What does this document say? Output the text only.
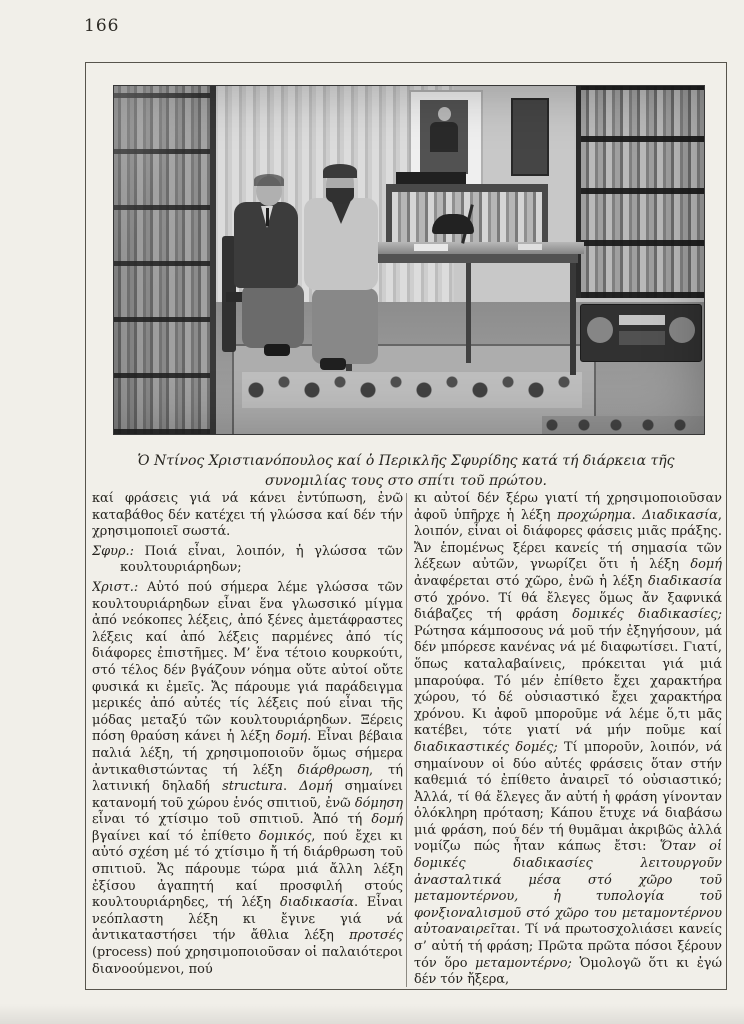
166
Ὁ Ντίνος Χριστιανόπουλος καί ὁ Περικλῆς Σφυρίδης κατά τή διάρκεια τῆς συνομιλίας τους στο σπίτι τοῦ πρώτου.

καί φράσεις γιά νά κάνει ἐντύπωση, ἐνῶ καταβάθος δέν κατέχει τή γλώσσα καί δέν τήν χρησιμοποιεῖ σωστά.

Σφυρ.: Ποιά εἶναι, λοιπόν, ἡ γλώσσα τῶν κουλτουριάρηδων;

Χριστ.: Αὐτό πού σήμερα λέμε γλώσσα τῶν κουλτουριάρηδων εἶναι ἕνα γλωσσικό μίγμα ἀπό νεόκοπες λέξεις, ἀπό ξένες ἀμετάφραστες λέξεις καί ἀπό λέξεις παρμένες ἀπό τίς διάφορες ἐπιστῆμες. Μ’ ἕνα τέτοιο κουρκούτι, στό τέλος δέν βγάζουν νόημα οὔτε αὐτοί οὔτε φυσικά κι ἐμεῖς. Ἄς πάρουμε γιά παράδειγμα μερικές ἀπό αὐτές τίς λέξεις πού εἶναι τῆς μόδας μεταξύ τῶν κουλτουριάρηδων. Ξέρεις πόση θραύση κάνει ἡ λέξη δομή. Εἶναι βέβαια παλιά λέξη, τή χρησιμοποιοῦν ὅμως σήμερα ἀντικαθιστώντας τή λέξη διάρθρωση, τή λατινική δηλαδή structura. Δομή σημαίνει κατανομή τοῦ χώρου ἑνός σπιτιοῦ, ἐνῶ δόμηση εἶναι τό χτίσιμο τοῦ σπιτιοῦ. Ἀπό τή δομή βγαίνει καί τό ἐπίθετο δομικός, πού ἔχει κι αὐτό σχέση μέ τό χτίσιμο ἤ τή διάρθρωση τοῦ σπιτιοῦ. Ἄς πάρουμε τώρα μιά ἄλλη λέξη ἐξίσου ἀγαπητή καί προσφιλή στούς κουλτουριάρηδες, τή λέξη διαδικασία. Εἶναι νεόπλαστη λέξη κι ἔγινε γιά νά ἀντικαταστήσει τήν ἄθλια λέξη προτσές (process) πού χρησιμοποιοῦσαν οἱ παλαιότεροι διανοούμενοι, πού

κι αὐτοί δέν ξέρω γιατί τή χρησιμοποιοῦσαν ἀφοῦ ὑπῆρχε ἡ λέξη προχώρημα. Διαδικασία, λοιπόν, εἶναι οἱ διάφορες φάσεις μιᾶς πράξης. Ἄν ἑπομένως ξέρει κανείς τή σημασία τῶν λέξεων αὐτῶν, γνωρίζει ὅτι ἡ λέξη δομή ἀναφέρεται στό χῶρο, ἐνῶ ἡ λέξη διαδικασία στό χρόνο. Τί θά ἔλεγες ὅμως ἄν ξαφνικά διάβαζες τή φράση δομικές διαδικασίες; Ρώτησα κάμποσους νά μοῦ τήν ἐξηγήσουν, μά δέν μπόρεσε κανένας νά μέ διαφωτίσει. Γιατί, ὅπως καταλαβαίνεις, πρόκειται γιά μιά μπαρούφα. Τό μέν ἐπίθετο ἔχει χαρακτήρα χώρου, τό δέ οὐσιαστικό ἔχει χαρακτήρα χρόνου. Κι ἀφοῦ μποροῦμε νά λέμε ὅ,τι μᾶς κατέβει, τότε γιατί νά μήν ποῦμε καί διαδικαστικές δομές; Τί μποροῦν, λοιπόν, νά σημαίνουν οἱ δύο αὐτές φράσεις ὅταν στήν καθεμιά τό ἐπίθετο ἀναιρεῖ τό οὐσιαστικό; Ἀλλά, τί θά ἔλεγες ἄν αὐτή ἡ φράση γίνονταν ὁλόκληρη πρόταση; Κάπου ἔτυχε νά διαβάσω μιά φράση, πού δέν τή θυμᾶμαι ἀκριβῶς ἀλλά νομίζω πώς ἦταν κάπως ἔτσι: Ὅταν οἱ δομικές διαδικασίες λειτουργοῦν ἀνασταλτικά μέσα στό χῶρο τοῦ μεταμοντέρνου, ἡ τυπολογία τοῦ φονξιοναλισμοῦ στό χῶρο του μεταμοντέρνου αὐτοαναιρεῖται. Τί νά πρωτοσχολιάσει κανείς σ’ αὐτή τή φράση; Πρῶτα πρῶτα πόσοι ξέρουν τόν ὅρο μεταμοντέρνο; Ὁμολογῶ ὅτι κι ἐγώ δέν τόν ἤξερα,
